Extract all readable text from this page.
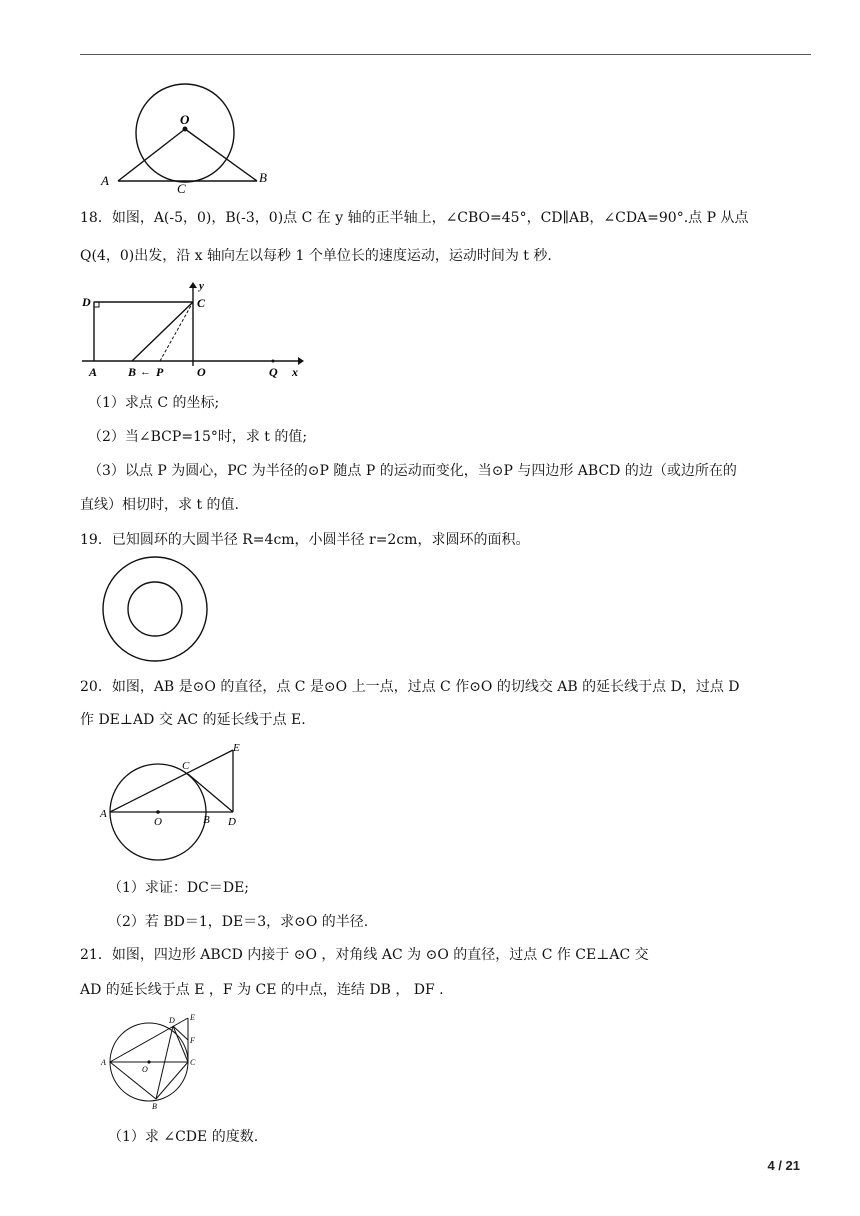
O
A	B
C
18．如图，A(-5，0)，B(-3，0)点 C 在 y 轴的正半轴上，∠CBO=45°，CD∥AB，∠CDA=90°.点 P 从点
Q(4，0)出发，沿 x 轴向左以每秒 1 个单位长的速度运动，运动时间为 t 秒.
y
D	C
A	B ← P	O	Q x
（1）求点 C 的坐标;
（2）当∠BCP=15°时，求 t 的值;
（3）以点 P 为圆心，PC 为半径的⊙P 随点 P 的运动而变化，当⊙P 与四边形 ABCD 的边（或边所在的
直线）相切时，求 t 的值.
19．已知圆环的大圆半径 R=4cm，小圆半径 r=2cm，求圆环的面积。
20．如图，AB 是⊙O 的直径，点 C 是⊙O 上一点，过点 C 作⊙O 的切线交 AB 的延长线于点 D，过点 D
作 DE⊥AD 交 AC 的延长线于点 E.
A
O	B D
C
E
（1）求证：DC＝DE;
（2）若 BD＝1，DE＝3，求⊙O 的半径.
21．如图，四边形 ABCD 内接于 ⊙O ，对角线 AC 为 ⊙O 的直径，过点 C 作 CE⊥AC 交
AD 的延长线于点 E ，F 为 CE 的中点，连结 DB ， DF .
A
O
B
C
D E
F
（1）求 ∠CDE 的度数.
4 / 21
